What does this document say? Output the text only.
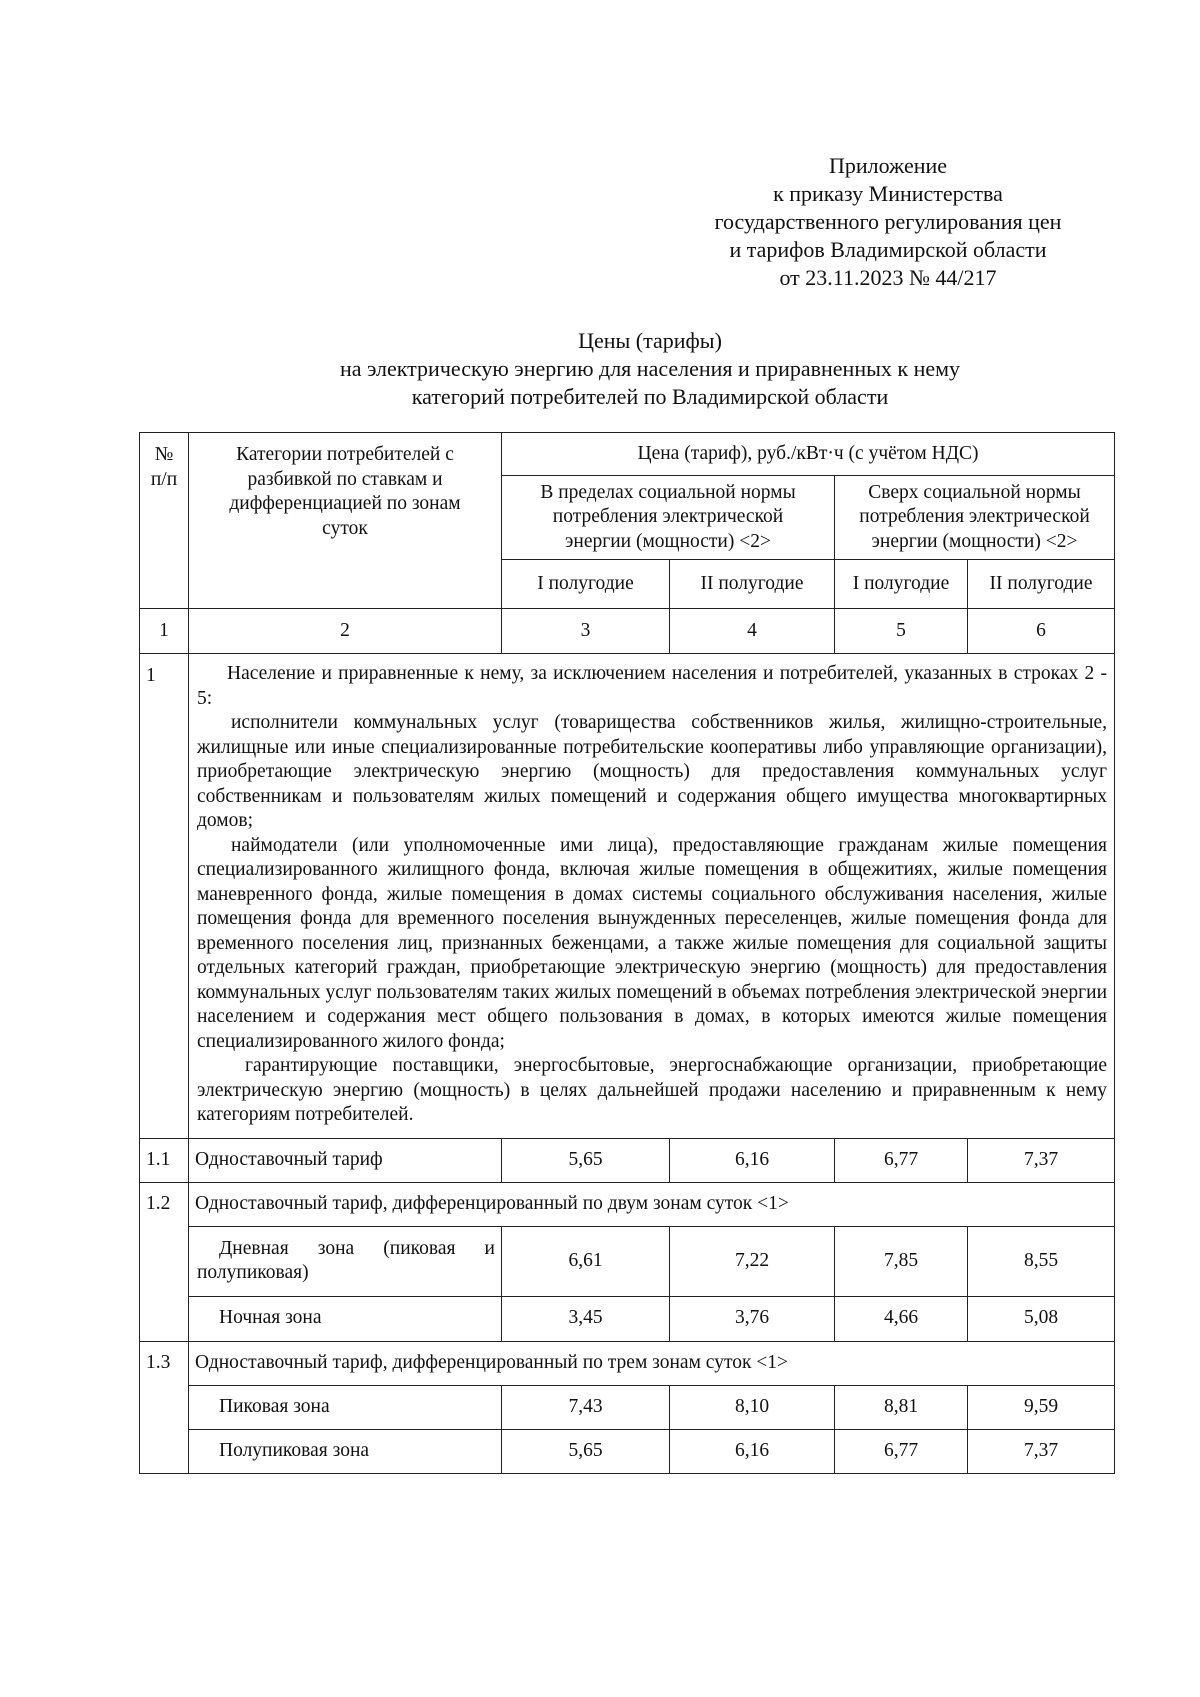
Приложение
к приказу Министерства
государственного регулирования цен
и тарифов Владимирской области
от 23.11.2023 № 44/217
Цены (тарифы)
на электрическую энергию для населения и приравненных к нему
категорий потребителей по Владимирской области
№ п/п	Категории потребителей с разбивкой по ставкам и дифференциацией по зонам суток	Цена (тариф), руб./кВт·ч (с учётом НДС)			
		В пределах социальной нормы потребления электрической энергии (мощности) <2>		Сверх социальной нормы потребления электрической энергии (мощности) <2>	
		I полугодие	II полугодие	I полугодие	II полугодие
1	2	3	4	5	6
1	Население и приравненные к нему, за исключением населения и потребителей, указанных в строках 2 - 5:

исполнители коммунальных услуг (товарищества собственников жилья, жилищно-строительные, жилищные или иные специализированные потребительские кооперативы либо управляющие организации), приобретающие электрическую энергию (мощность) для предоставления коммунальных услуг собственникам и пользователям жилых помещений и содержания общего имущества многоквартирных домов;

наймодатели (или уполномоченные ими лица), предоставляющие гражданам жилые помещения специализированного жилищного фонда, включая жилые помещения в общежитиях, жилые помещения маневренного фонда, жилые помещения в домах системы социального обслуживания населения, жилые помещения фонда для временного поселения вынужденных переселенцев, жилые помещения фонда для временного поселения лиц, признанных беженцами, а также жилые помещения для социальной защиты отдельных категорий граждан, приобретающие электрическую энергию (мощность) для предоставления коммунальных услуг пользователям таких жилых помещений в объемах потребления электрической энергии населением и содержания мест общего пользования в домах, в которых имеются жилые помещения специализированного жилого фонда;

гарантирующие поставщики, энергосбытовые, энергоснабжающие организации, приобретающие электрическую энергию (мощность) в целях дальнейшей продажи населению и приравненным к нему категориям потребителей.				

1.1	Одноставочный тариф	5,65	6,16	6,77	7,37
1.2	Одноставочный тариф, дифференцированный по двум зонам суток <1>				
	Дневная зона (пиковая и полупиковая)	6,61	7,22	7,85	8,55
	Ночная зона	3,45	3,76	4,66	5,08
1.3	Одноставочный тариф, дифференцированный по трем зонам суток <1>				
	Пиковая зона	7,43	8,10	8,81	9,59
	Полупиковая зона	5,65	6,16	6,77	7,37
